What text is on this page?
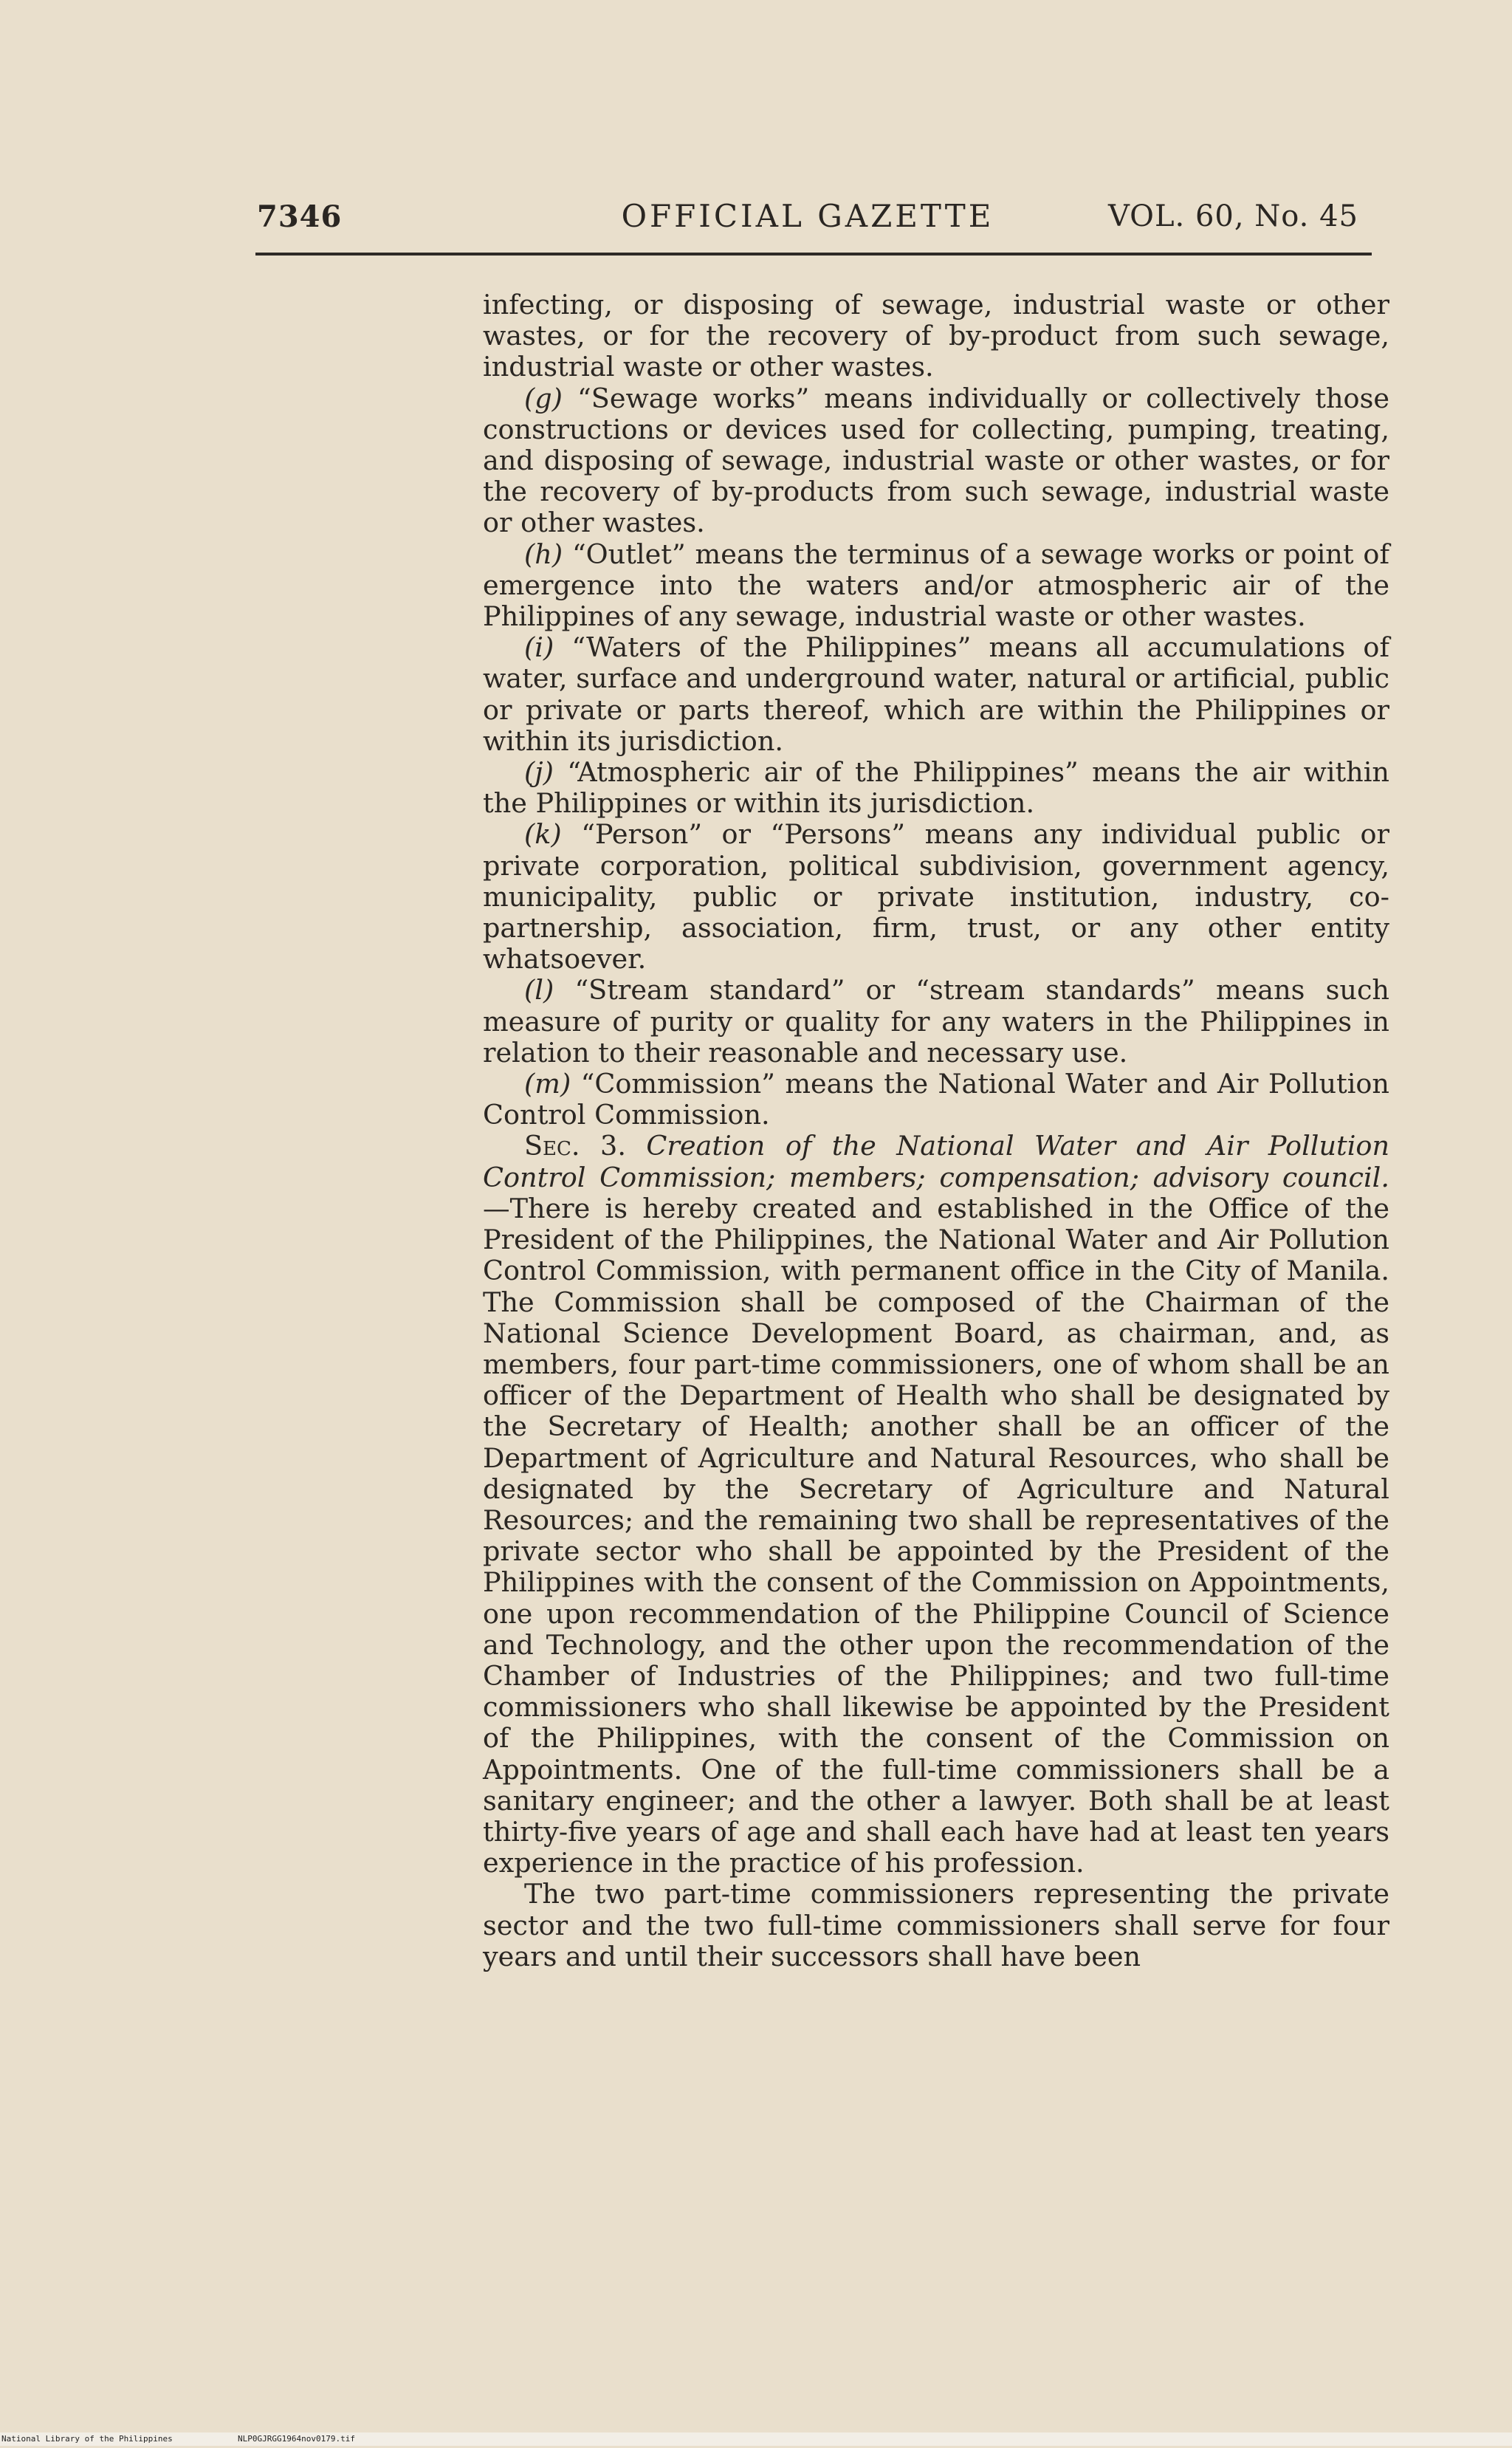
7346	OFFICIAL GAZETTE	VOL. 60, No. 45

infecting, or disposing of sewage, industrial waste or other wastes, or for the recovery of by-product from such sewage, industrial waste or other wastes.

(g) “Sewage works” means individually or collectively those constructions or devices used for collecting, pumping, treating, and disposing of sewage, industrial waste or other wastes, or for the recovery of by-products from such sewage, industrial waste or other wastes.

(h) “Outlet” means the terminus of a sewage works or point of emergence into the waters and/or atmospheric air of the Philippines of any sewage, industrial waste or other wastes.

(i) “Waters of the Philippines” means all accumulations of water, surface and underground water, natural or artificial, public or private or parts thereof, which are within the Philippines or within its jurisdiction.

(j) “Atmospheric air of the Philippines” means the air within the Philippines or within its jurisdiction.

(k) “Person” or “Persons” means any individual public or private corporation, political subdivision, government agency, municipality, public or private institution, industry, co-partnership, association, firm, trust, or any other entity whatsoever.

(l) “Stream standard” or “stream standards” means such measure of purity or quality for any waters in the Philippines in relation to their reasonable and necessary use.

(m) “Commission” means the National Water and Air Pollution Control Commission.

Sec. 3. Creation of the National Water and Air Pollution Control Commission; members; compensation; advisory council.—There is hereby created and established in the Office of the President of the Philippines, the National Water and Air Pollution Control Commission, with permanent office in the City of Manila. The Commission shall be composed of the Chairman of the National Science Development Board, as chairman, and, as members, four part-time commissioners, one of whom shall be an officer of the Department of Health who shall be designated by the Secretary of Health; another shall be an officer of the Department of Agriculture and Natural Resources, who shall be designated by the Secretary of Agriculture and Natural Resources; and the remaining two shall be representatives of the private sector who shall be appointed by the President of the Philippines with the consent of the Commission on Appointments, one upon recommendation of the Philippine Council of Science and Technology, and the other upon the recommendation of the Chamber of Industries of the Philippines; and two full-time commissioners who shall likewise be appointed by the President of the Philippines, with the consent of the Commission on Appointments. One of the full-time commissioners shall be a sanitary engineer; and the other a lawyer. Both shall be at least thirty-five years of age and shall each have had at least ten years experience in the practice of his profession.

The two part-time commissioners representing the private sector and the two full-time commissioners shall serve for four years and until their successors shall have been

National Library of the Philippines	NLP0GJRGG1964nov0179.tif
